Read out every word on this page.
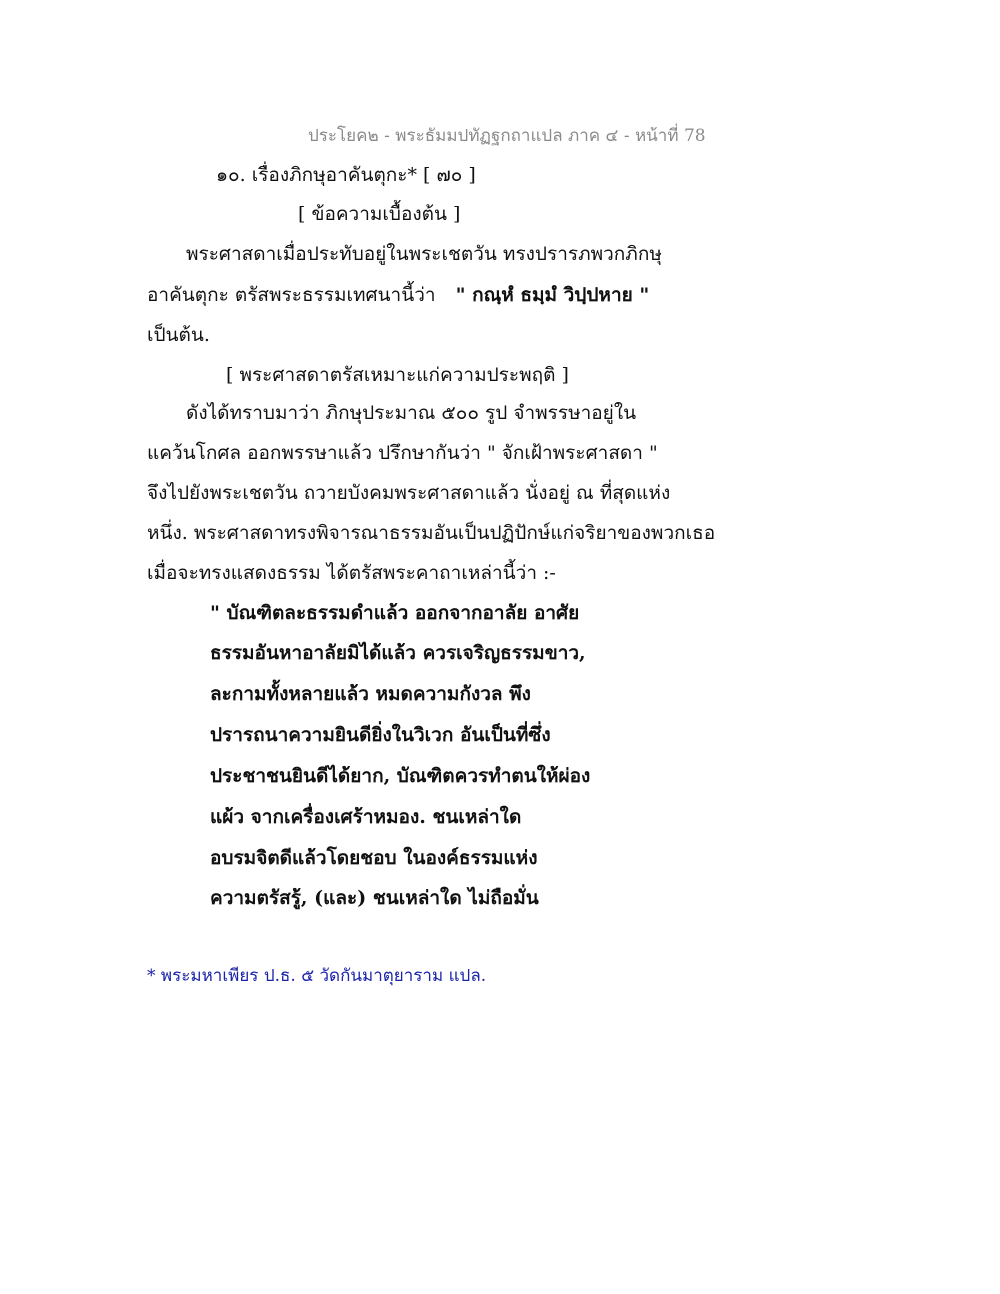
ประโยค๒ - พระธัมมปทัฏฐกถาแปล ภาค ๔ - หน้าที่ 78
๑๐. เรื่องภิกษุอาคันตุกะ* [ ๗๐ ]
[ ข้อความเบื้องต้น ]
พระศาสดาเมื่อประทับอยู่ในพระเชตวัน ทรงปรารภพวกภิกษุ
อาคันตุกะ ตรัสพระธรรมเทศนานี้ว่า " กณฺหํ ธมฺมํ วิปฺปหาย "
เป็นต้น.
[ พระศาสดาตรัสเหมาะแก่ความประพฤติ ]
ดังได้ทราบมาว่า ภิกษุประมาณ ๕๐๐ รูป จำพรรษาอยู่ใน
แคว้นโกศล ออกพรรษาแล้ว ปรึกษากันว่า " จักเฝ้าพระศาสดา "
จึงไปยังพระเชตวัน ถวายบังคมพระศาสดาแล้ว นั่งอยู่ ณ ที่สุดแห่ง
หนึ่ง. พระศาสดาทรงพิจารณาธรรมอันเป็นปฏิปักษ์แก่จริยาของพวกเธอ
เมื่อจะทรงแสดงธรรม ได้ตรัสพระคาถาเหล่านี้ว่า :-
" บัณฑิตละธรรมดำแล้ว ออกจากอาลัย อาศัย
ธรรมอันหาอาลัยมิได้แล้ว ควรเจริญธรรมขาว,
ละกามทั้งหลายแล้ว หมดความกังวล พึง
ปรารถนาความยินดียิ่งในวิเวก อันเป็นที่ซึ่ง
ประชาชนยินดีได้ยาก, บัณฑิตควรทำตนให้ผ่อง
แผ้ว จากเครื่องเศร้าหมอง. ชนเหล่าใด
อบรมจิตดีแล้วโดยชอบ ในองค์ธรรมแห่ง
ความตรัสรู้, (และ) ชนเหล่าใด ไม่ถือมั่น
* พระมหาเพียร ป.ธ. ๕ วัดกันมาตุยาราม แปล.
